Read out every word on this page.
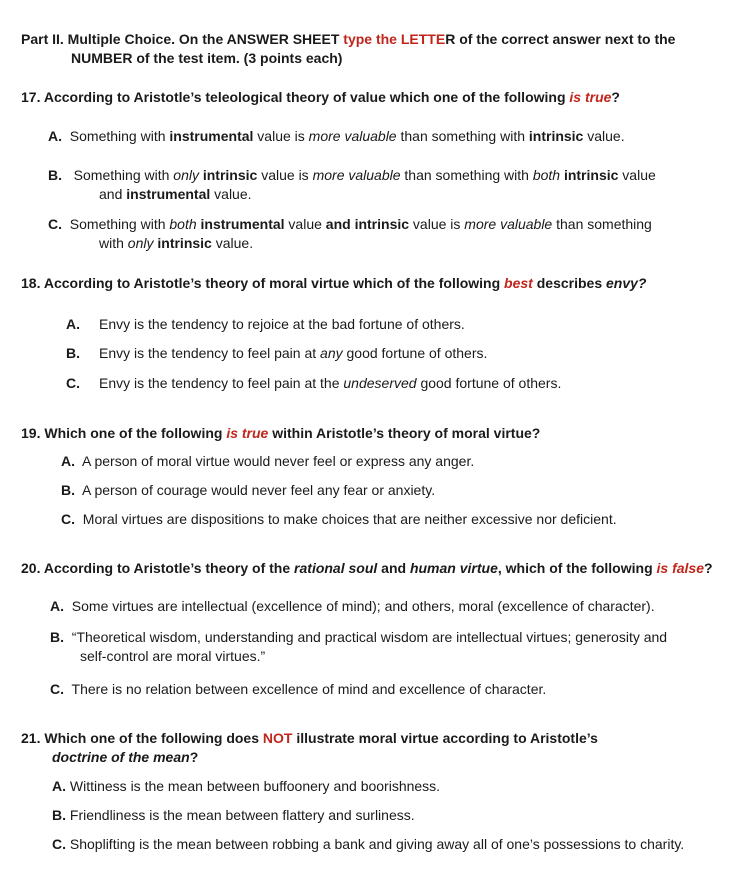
Part II. Multiple Choice. On the ANSWER SHEET type the LETTER of the correct answer next to the
NUMBER of the test item. (3 points each)
17. According to Aristotle’s teleological theory of value which one of the following is true?
A. Something with instrumental value is more valuable than something with intrinsic value.
B. Something with only intrinsic value is more valuable than something with both intrinsic value
and instrumental value.
C. Something with both instrumental value and intrinsic value is more valuable than something
with only intrinsic value.
18. According to Aristotle’s theory of moral virtue which of the following best describes envy?
A. Envy is the tendency to rejoice at the bad fortune of others.
B. Envy is the tendency to feel pain at any good fortune of others.
C. Envy is the tendency to feel pain at the undeserved good fortune of others.
19. Which one of the following is true within Aristotle’s theory of moral virtue?
A. A person of moral virtue would never feel or express any anger.
B. A person of courage would never feel any fear or anxiety.
C. Moral virtues are dispositions to make choices that are neither excessive nor deficient.
20. According to Aristotle’s theory of the rational soul and human virtue, which of the following is false?
A. Some virtues are intellectual (excellence of mind); and others, moral (excellence of character).
B. “Theoretical wisdom, understanding and practical wisdom are intellectual virtues; generosity and
self-control are moral virtues.”
C. There is no relation between excellence of mind and excellence of character.
21. Which one of the following does NOT illustrate moral virtue according to Aristotle’s
doctrine of the mean?
A. Wittiness is the mean between buffoonery and boorishness.
B. Friendliness is the mean between flattery and surliness.
C. Shoplifting is the mean between robbing a bank and giving away all of one’s possessions to charity.
